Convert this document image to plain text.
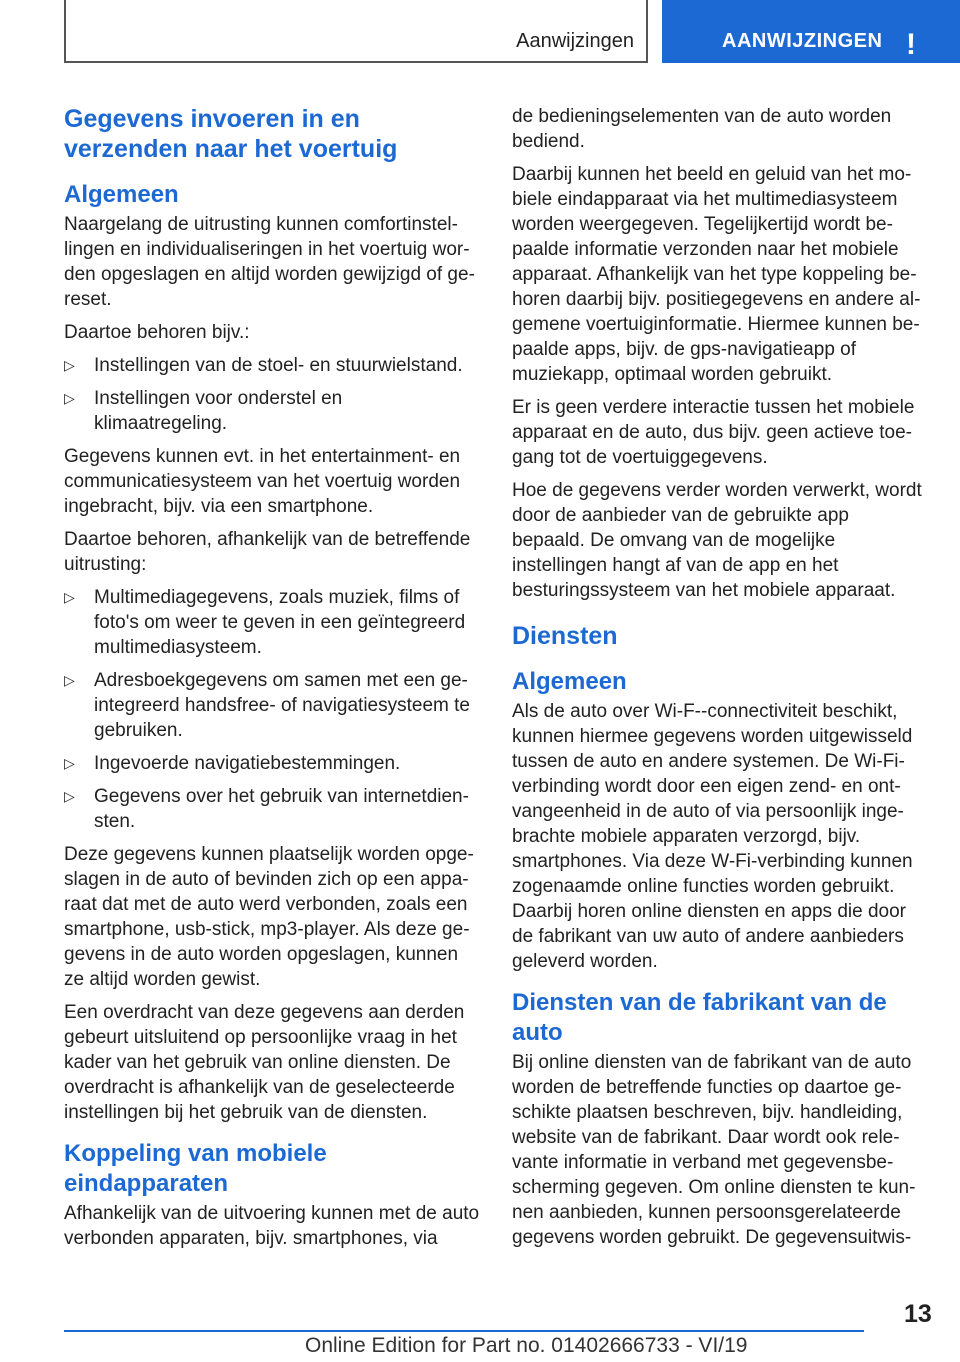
Aanwijzingen	AANWIJZINGEN !
Gegevens invoeren in en verzenden naar het voertuig
Algemeen

Naargelang de uitrusting kunnen comfortinstel-lingen en individualiseringen in het voertuig wor-den opgeslagen en altijd worden gewijzigd of ge-reset.

Daartoe behoren bijv.:

▷ Instellingen van de stoel- en stuurwielstand.
▷ Instellingen voor onderstel en klimaatregeling.

Gegevens kunnen evt. in het entertainment- en communicatiesysteem van het voertuig worden ingebracht, bijv. via een smartphone.

Daartoe behoren, afhankelijk van de betreffende uitrusting:

▷ Multimediagegevens, zoals muziek, films of foto's om weer te geven in een geïntegreerd multimediasysteem.
▷ Adresboekgegevens om samen met een ge-integreerd handsfree- of navigatiesysteem te gebruiken.
▷ Ingevoerde navigatiebestemmingen.
▷ Gegevens over het gebruik van internetdien-sten.

Deze gegevens kunnen plaatselijk worden opge-slagen in de auto of bevinden zich op een appa-raat dat met de auto werd verbonden, zoals een smartphone, usb-stick, mp3-player. Als deze ge-gevens in de auto worden opgeslagen, kunnen ze altijd worden gewist.

Een overdracht van deze gegevens aan derden gebeurt uitsluitend op persoonlijke vraag in het kader van het gebruik van online diensten. De overdracht is afhankelijk van de geselecteerde instellingen bij het gebruik van de diensten.

Koppeling van mobiele eindapparaten

Afhankelijk van de uitvoering kunnen met de auto verbonden apparaten, bijv. smartphones, via

de bedieningselementen van de auto worden bediend.

Daarbij kunnen het beeld en geluid van het mo-biele eindapparaat via het multimediasysteem worden weergegeven. Tegelijkertijd wordt be-paalde informatie verzonden naar het mobiele apparaat. Afhankelijk van het type koppeling be-horen daarbij bijv. positiegegevens en andere al-gemene voertuiginformatie. Hiermee kunnen be-paalde apps, bijv. de gps-navigatieapp of muziekapp, optimaal worden gebruikt.

Er is geen verdere interactie tussen het mobiele apparaat en de auto, dus bijv. geen actieve toe-gang tot de voertuiggegevens.

Hoe de gegevens verder worden verwerkt, wordt door de aanbieder van de gebruikte app bepaald. De omvang van de mogelijke instellingen hangt af van de app en het besturingssysteem van het mobiele apparaat.

Diensten
Algemeen

Als de auto over Wi-F--connectiviteit beschikt, kunnen hiermee gegevens worden uitgewisseld tussen de auto en andere systemen. De Wi-Fi-verbinding wordt door een eigen zend- en ont-vangeenheid in de auto of via persoonlijk inge-brachte mobiele apparaten verzorgd, bijv. smartphones. Via deze W-Fi-verbinding kunnen zogenaamde online functies worden gebruikt. Daarbij horen online diensten en apps die door de fabrikant van uw auto of andere aanbieders geleverd worden.

Diensten van de fabrikant van de auto

Bij online diensten van de fabrikant van de auto worden de betreffende functies op daartoe ge-schikte plaatsen beschreven, bijv. handleiding, website van de fabrikant. Daar wordt ook rele-vante informatie in verband met gegevensbe-scherming gegeven. Om online diensten te kun-nen aanbieden, kunnen persoonsgerelateerde gegevens worden gebruikt. De gegevensuitwis-

13
Online Edition for Part no. 01402666733 - VI/19
